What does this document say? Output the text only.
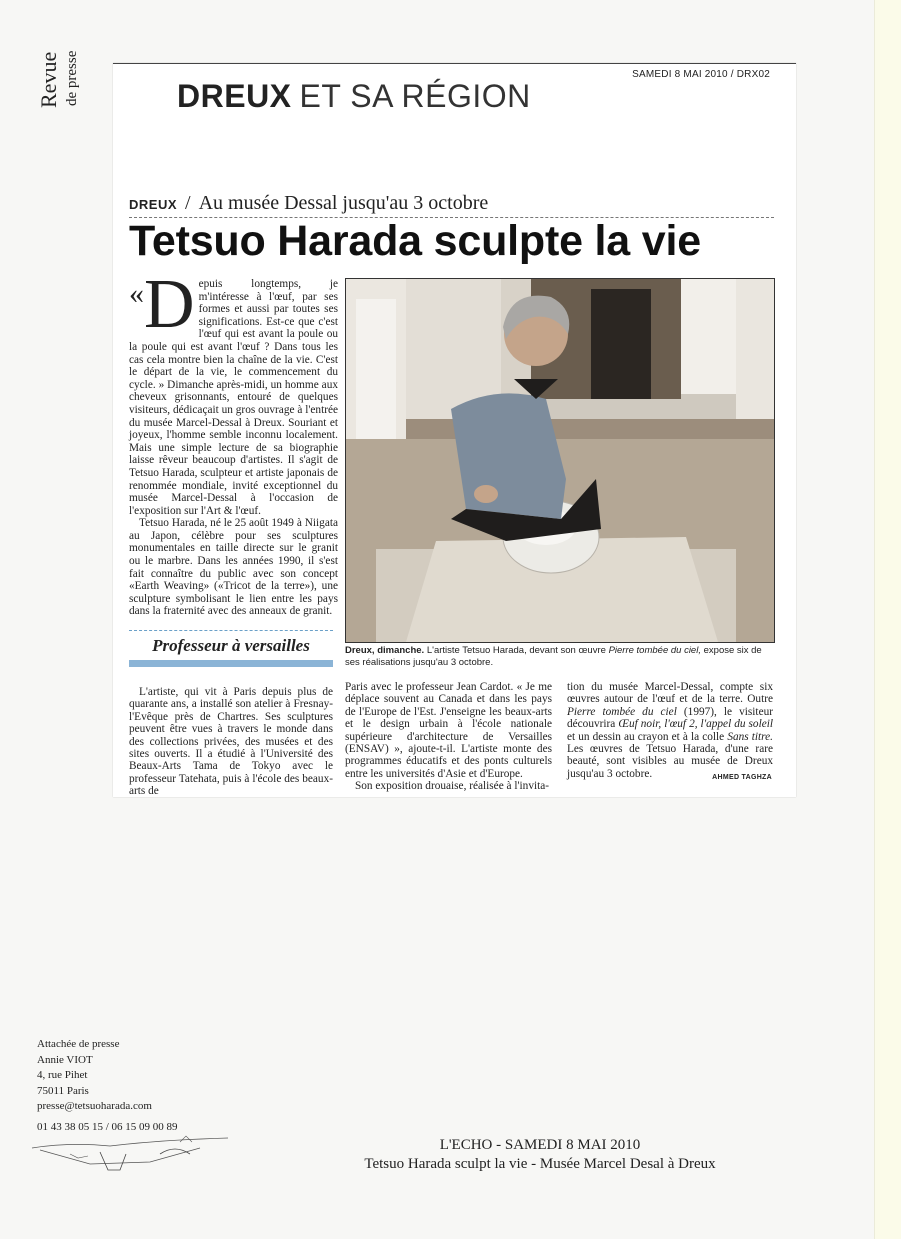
Revue de presse	SAMEDI 8 MAI 2010 / DRX02
DREUX ET SA RÉGION
DREUX / Au musée Dessal jusqu'au 3 octobre
Tetsuo Harada sculpte la vie

« D epuis longtemps, je m'intéresse à l'œuf, par ses formes et aussi par toutes ses significations. Est-ce que c'est l'œuf qui est avant la poule ou la poule qui est avant l'œuf ? Dans tous les cas cela montre bien la chaîne de la vie. C'est le départ de la vie, le commencement du cycle. » Dimanche après-midi, un homme aux cheveux grisonnants, entouré de quelques visiteurs, dédicaçait un gros ouvrage à l'entrée du musée Marcel-Dessal à Dreux. Souriant et joyeux, l'homme semble inconnu localement. Mais une simple lecture de sa biographie laisse rêveur beaucoup d'artistes. Il s'agit de Tetsuo Harada, sculpteur et artiste japonais de renommée mondiale, invité exceptionnel du musée Marcel-Dessal à l'occasion de l'exposition sur l'Art & l'œuf.

Tetsuo Harada, né le 25 août 1949 à Niigata au Japon, célèbre pour ses sculptures monumentales en taille directe sur le granit ou le marbre. Dans les années 1990, il s'est fait connaître du public avec son concept «Earth Weaving» («Tricot de la terre»), une sculpture symbolisant le lien entre les pays dans la fraternité avec des anneaux de granit.

Professeur à versailles	Dreux, dimanche. L'artiste Tetsuo Harada, devant son œuvre Pierre tombée du ciel, expose six de ses réalisations jusqu'au 3 octobre.

L'artiste, qui vit à Paris depuis plus de quarante ans, a installé son atelier à Fresnay-l'Evêque près de Chartres. Ses sculptures peuvent être vues à travers le monde dans des collections privées, des musées et des sites ouverts. Il a étudié à l'Université des Beaux-Arts Tama de Tokyo avec le professeur Tatehata, puis à l'école des beaux-arts de

Paris avec le professeur Jean Cardot. « Je me déplace souvent au Canada et dans les pays de l'Europe de l'Est. J'enseigne les beaux-arts et le design urbain à l'école nationale supérieure d'architecture de Versailles (ENSAV) », ajoute-t-il. L'artiste monte des programmes éducatifs et des ponts culturels entre les universités d'Asie et d'Europe.

Son exposition drouaise, réalisée à l'invita-

tion du musée Marcel-Dessal, compte six œuvres autour de l'œuf et de la terre. Outre Pierre tombée du ciel (1997), le visiteur découvrira Œuf noir, l'œuf 2, l'appel du soleil et un dessin au crayon et à la colle Sans titre. Les œuvres de Tetsuo Harada, d'une rare beauté, sont visibles au musée de Dreux jusqu'au 3 octobre.	AHMED TAGHZA
Attachée de presse
Annie VIOT
4, rue Pihet
75011 Paris
presse@tetsuoharada.com
01 43 38 05 15 / 06 15 09 00 89
L'ECHO - SAMEDI 8 MAI 2010
Tetsuo Harada sculpt la vie - Musée Marcel Desal à Dreux
